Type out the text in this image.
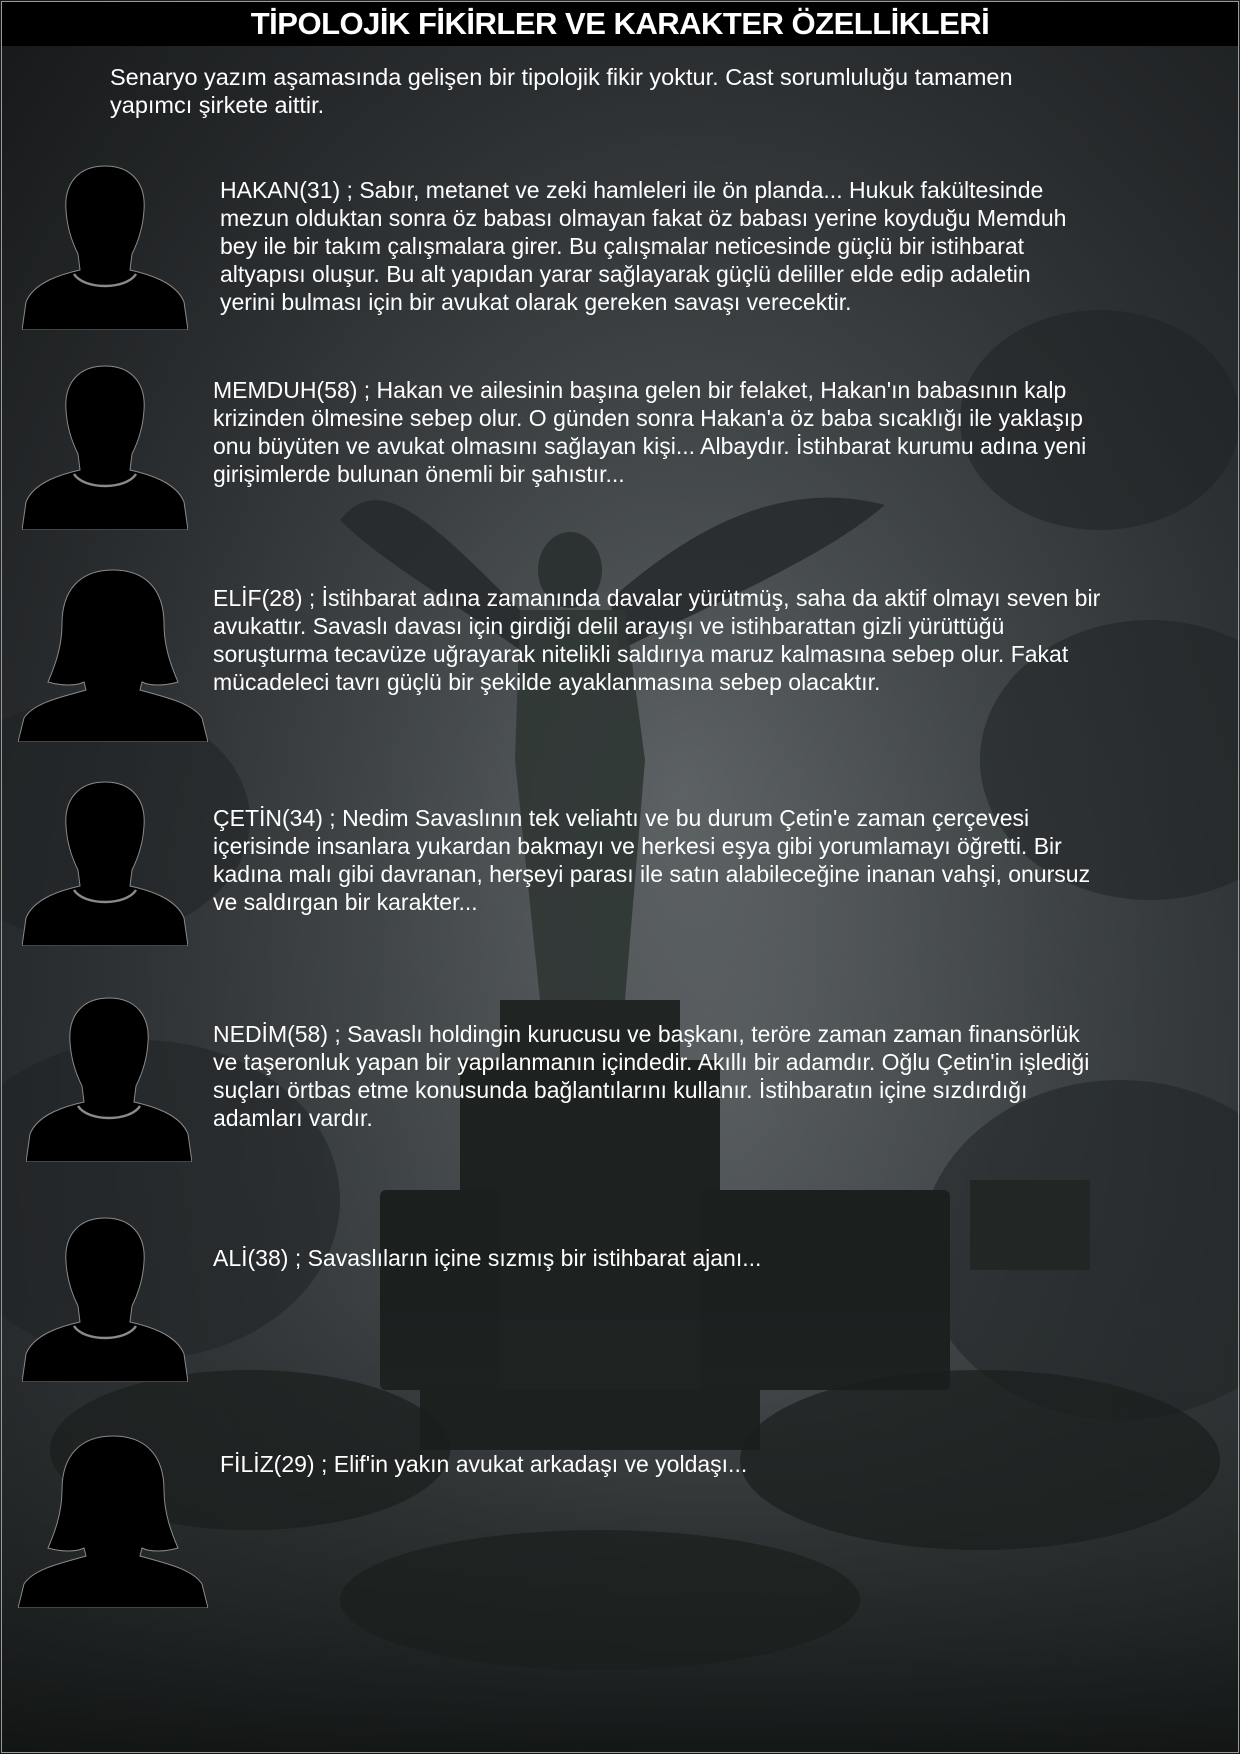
TİPOLOJİK FİKİRLER VE KARAKTER ÖZELLİKLERİ
Senaryo yazım aşamasında gelişen bir tipolojik fikir yoktur. Cast sorumluluğu tamamen
yapımcı şirkete aittir.
HAKAN(31) ; Sabır, metanet ve zeki hamleleri ile ön planda... Hukuk fakültesinde
mezun olduktan sonra öz babası olmayan fakat öz babası yerine koyduğu Memduh
bey ile bir takım çalışmalara girer. Bu çalışmalar neticesinde güçlü bir istihbarat
altyapısı oluşur. Bu alt yapıdan yarar sağlayarak güçlü deliller elde edip adaletin
yerini bulması için bir avukat olarak gereken savaşı verecektir.
MEMDUH(58) ; Hakan ve ailesinin başına gelen bir felaket, Hakan'ın babasının kalp
krizinden ölmesine sebep olur. O günden sonra Hakan'a öz baba sıcaklığı ile yaklaşıp
onu büyüten ve avukat olmasını sağlayan kişi... Albaydır. İstihbarat kurumu adına yeni
girişimlerde bulunan önemli bir şahıstır...
ELİF(28) ; İstihbarat adına zamanında davalar yürütmüş, saha da aktif olmayı seven bir
avukattır. Savaslı davası için girdiği delil arayışı ve istihbarattan gizli yürüttüğü
soruşturma tecavüze uğrayarak nitelikli saldırıya maruz kalmasına sebep olur. Fakat
mücadeleci tavrı güçlü bir şekilde ayaklanmasına sebep olacaktır.
ÇETİN(34) ; Nedim Savaslının tek veliahtı ve bu durum Çetin'e zaman çerçevesi
içerisinde insanlara yukardan bakmayı ve herkesi eşya gibi yorumlamayı öğretti. Bir
kadına malı gibi davranan, herşeyi parası ile satın alabileceğine inanan vahşi, onursuz
ve saldırgan bir karakter...
NEDİM(58) ; Savaslı holdingin kurucusu ve başkanı, teröre zaman zaman finansörlük
ve taşeronluk yapan bir yapılanmanın içindedir. Akıllı bir adamdır. Oğlu Çetin'in işlediği
suçları örtbas etme konusunda bağlantılarını kullanır. İstihbaratın içine sızdırdığı
adamları vardır.
ALİ(38) ; Savaslıların içine sızmış bir istihbarat ajanı...
FİLİZ(29) ; Elif'in yakın avukat arkadaşı ve yoldaşı...
